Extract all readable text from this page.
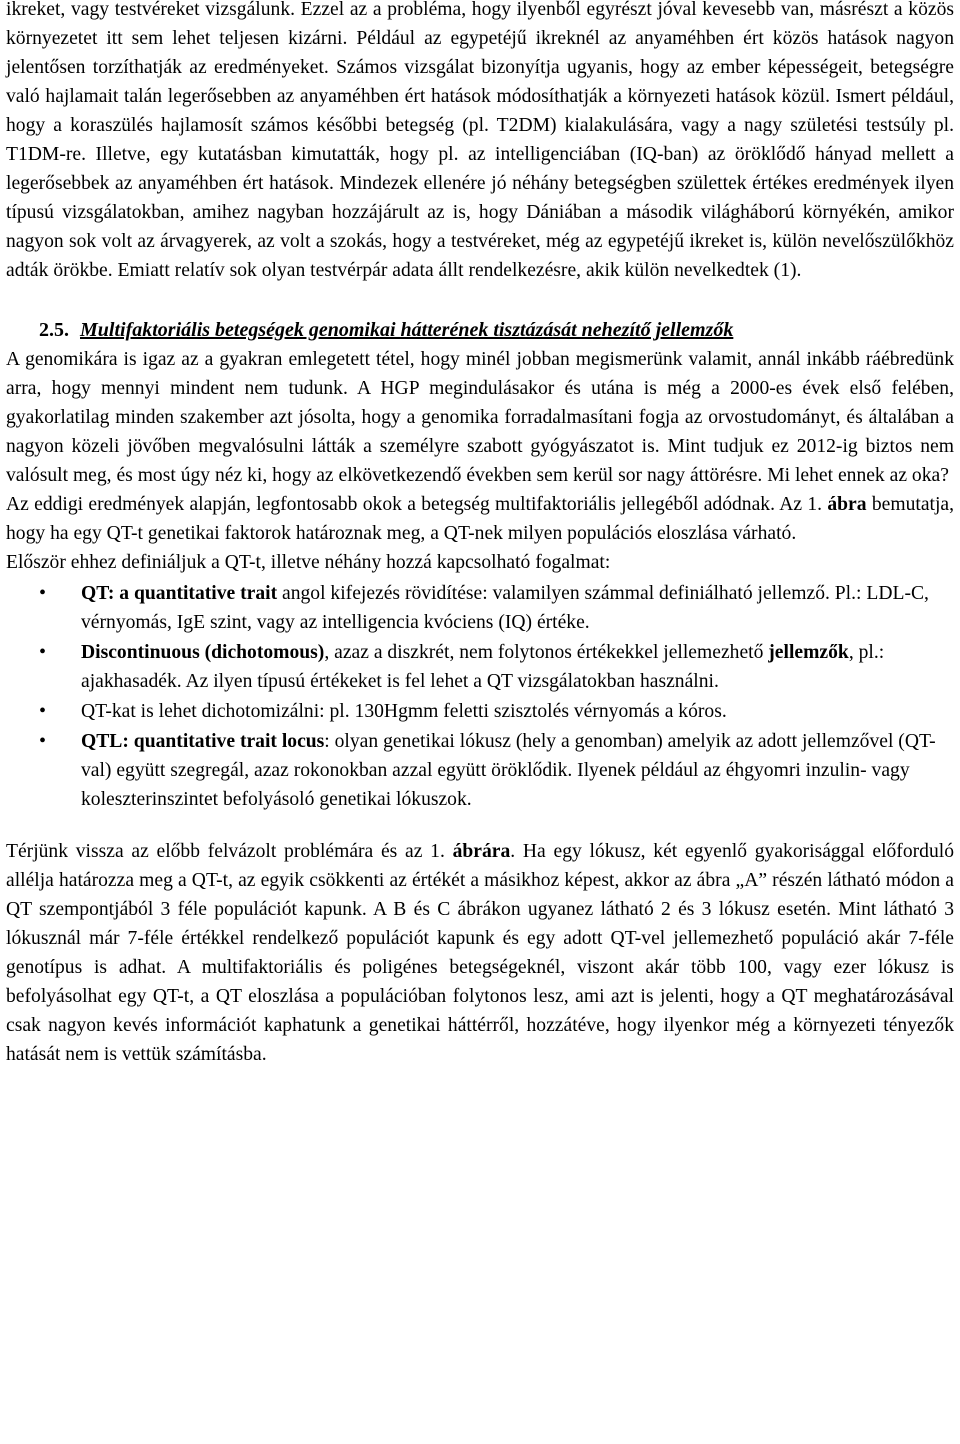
ikreket, vagy testvéreket vizsgálunk. Ezzel az a probléma, hogy ilyenből egyrészt jóval kevesebb van, másrészt a közös környezetet itt sem lehet teljesen kizárni. Például az egypetéjű ikreknél az anyaméhben ért közös hatások nagyon jelentősen torzíthatják az eredményeket. Számos vizsgálat bizonyítja ugyanis, hogy az ember képességeit, betegségre való hajlamait talán legerősebben az anyaméhben ért hatások módosíthatják a környezeti hatások közül. Ismert például, hogy a koraszülés hajlamosít számos későbbi betegség (pl. T2DM) kialakulására, vagy a nagy születési testsúly pl. T1DM-re. Illetve, egy kutatásban kimutatták, hogy pl. az intelligenciában (IQ-ban) az öröklődő hányad mellett a legerősebbek az anyaméhben ért hatások. Mindezek ellenére jó néhány betegségben születtek értékes eredmények ilyen típusú vizsgálatokban, amihez nagyban hozzájárult az is, hogy Dániában a második világháború környékén, amikor nagyon sok volt az árvagyerek, az volt a szokás, hogy a testvéreket, még az egypetéjű ikreket is, külön nevelőszülőkhöz adták örökbe. Emiatt relatív sok olyan testvérpár adata állt rendelkezésre, akik külön nevelkedtek (1).

2.5. Multifaktoriális betegségek genomikai hátterének tisztázását nehezítő jellemzők

A genomikára is igaz az a gyakran emlegetett tétel, hogy minél jobban megismerünk valamit, annál inkább ráébredünk arra, hogy mennyi mindent nem tudunk. A HGP megindulásakor és utána is még a 2000-es évek első felében, gyakorlatilag minden szakember azt jósolta, hogy a genomika forradalmasítani fogja az orvostudományt, és általában a nagyon közeli jövőben megvalósulni látták a személyre szabott gyógyászatot is. Mint tudjuk ez 2012-ig biztos nem valósult meg, és most úgy néz ki, hogy az elkövetkezendő években sem kerül sor nagy áttörésre. Mi lehet ennek az oka?

Az eddigi eredmények alapján, legfontosabb okok a betegség multifaktoriális jellegéből adódnak. Az 1. ábra bemutatja, hogy ha egy QT-t genetikai faktorok határoznak meg, a QT-nek milyen populációs eloszlása várható.

Először ehhez definiáljuk a QT-t, illetve néhány hozzá kapcsolható fogalmat:

• QT: a quantitative trait angol kifejezés rövidítése: valamilyen számmal definiálható jellemző. Pl.: LDL-C, vérnyomás, IgE szint, vagy az intelligencia kvóciens (IQ) értéke.
• Discontinuous (dichotomous), azaz a diszkrét, nem folytonos értékekkel jellemezhető jellemzők, pl.: ajakhasadék. Az ilyen típusú értékeket is fel lehet a QT vizsgálatokban használni.
• QT-kat is lehet dichotomizálni: pl. 130Hgmm feletti szisztolés vérnyomás a kóros.
• QTL: quantitative trait locus: olyan genetikai lókusz (hely a genomban) amelyik az adott jellemzővel (QT-val) együtt szegregál, azaz rokonokban azzal együtt öröklődik. Ilyenek például az éhgyomri inzulin- vagy koleszterinszintet befolyásoló genetikai lókuszok.

Térjünk vissza az előbb felvázolt problémára és az 1. ábrára. Ha egy lókusz, két egyenlő gyakorisággal előforduló allélja határozza meg a QT-t, az egyik csökkenti az értékét a másikhoz képest, akkor az ábra „A” részén látható módon a QT szempontjából 3 féle populációt kapunk. A B és C ábrákon ugyanez látható 2 és 3 lókusz esetén. Mint látható 3 lókusznál már 7-féle értékkel rendelkező populációt kapunk és egy adott QT-vel jellemezhető populáció akár 7-féle genotípus is adhat. A multifaktoriális és poligénes betegségeknél, viszont akár több 100, vagy ezer lókusz is befolyásolhat egy QT-t, a QT eloszlása a populációban folytonos lesz, ami azt is jelenti, hogy a QT meghatározásával csak nagyon kevés információt kaphatunk a genetikai háttérről, hozzátéve, hogy ilyenkor még a környezeti tényezők hatását nem is vettük számításba.
